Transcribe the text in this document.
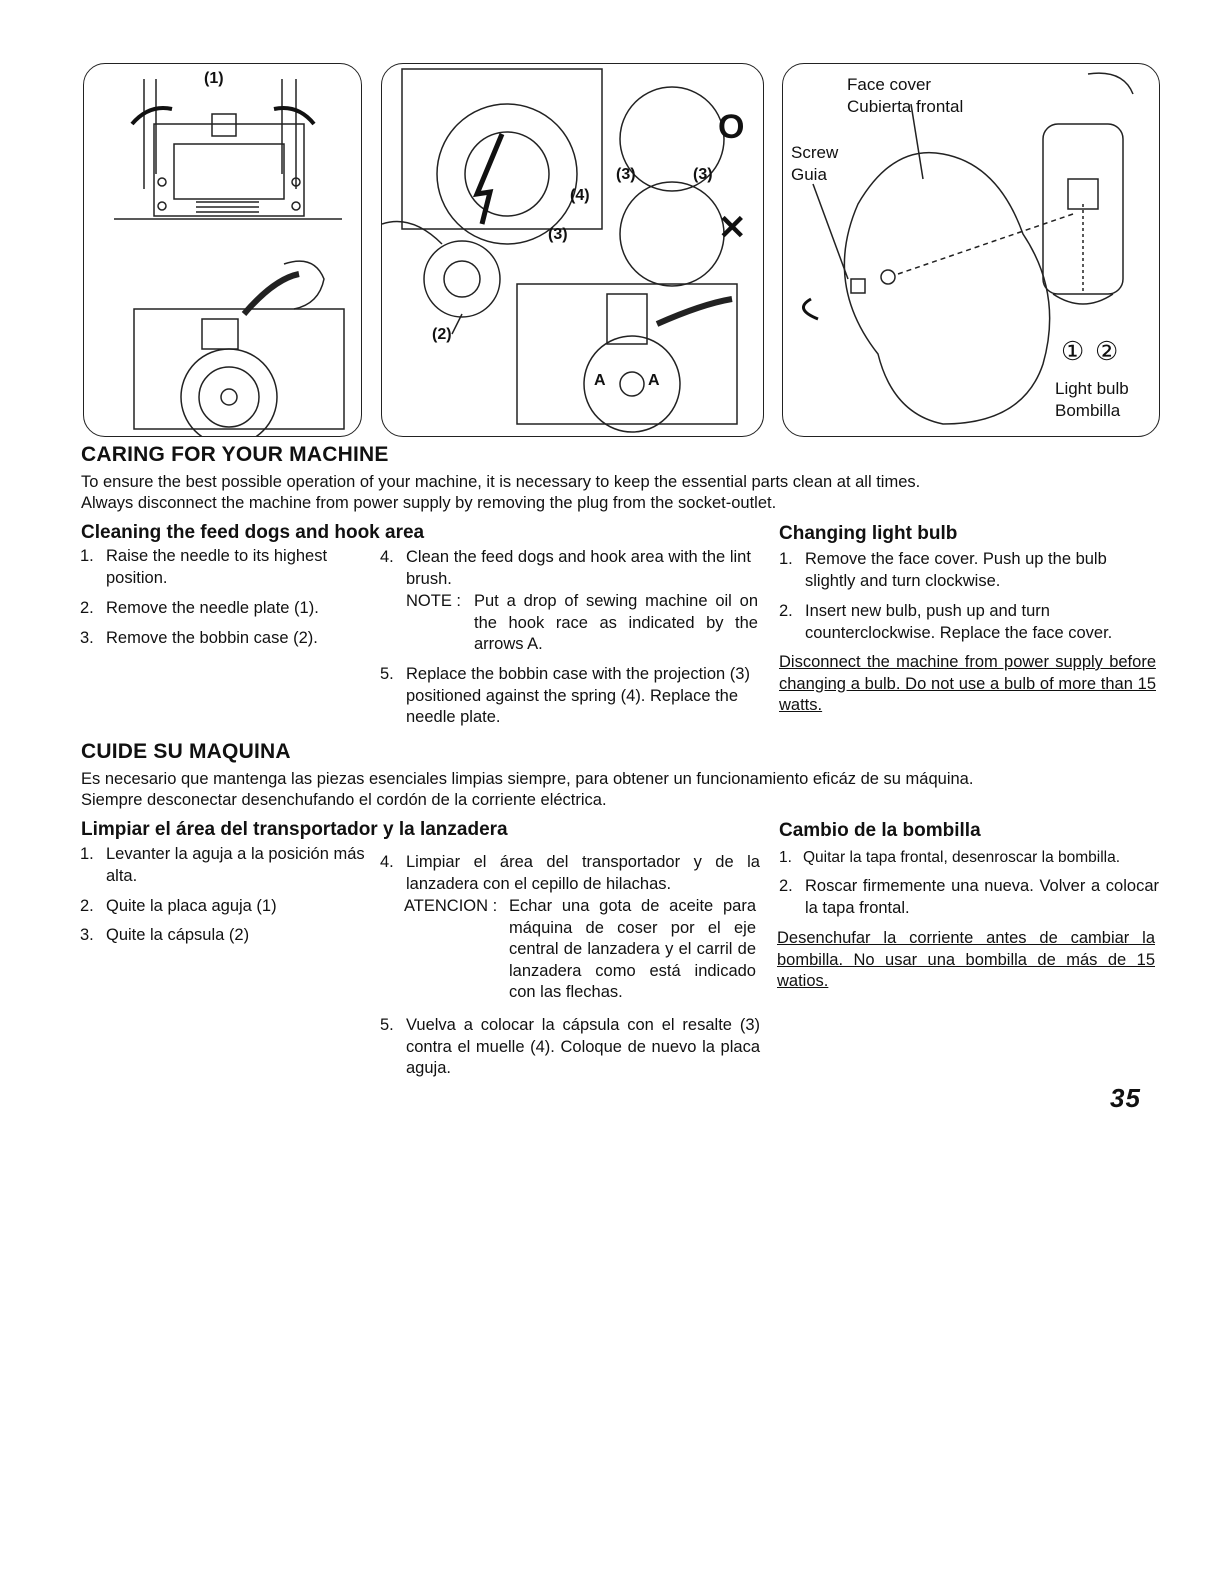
(1)
(4)
(3)
(3)	(3)
(2)
A	A
O
✕
Face cover
Cubierta frontal
Screw
Guia
① ②
Light bulb
Bombilla
CARING FOR YOUR MACHINE
To ensure the best possible operation of your machine, it is necessary to keep the essential parts clean at all times.
Always disconnect the machine from power supply by removing the plug from the socket-outlet.
Cleaning the feed dogs and hook area
1. Raise the needle to its highest position.
2. Remove the needle plate (1).
3. Remove the bobbin case (2).
4. Clean the feed dogs and hook area with the lint brush.
NOTE : Put a drop of sewing machine oil on the hook race as indicated by the arrows A.
5. Replace the bobbin case with the projection (3) positioned against the spring (4). Replace the needle plate.
Changing light bulb
1. Remove the face cover. Push up the bulb slightly and turn clockwise.
2. Insert new bulb, push up and turn counterclockwise. Replace the face cover.
Disconnect the machine from power supply before changing a bulb. Do not use a bulb of more than 15 watts.
CUIDE SU MAQUINA
Es necesario que mantenga las piezas esenciales limpias siempre, para obtener un funcionamiento eficáz de su máquina.
Siempre desconectar desenchufando el cordón de la corriente eléctrica.
Limpiar el área del transportador y la lanzadera
1. Levanter la aguja a la posición más alta.
2. Quite la placa aguja (1)
3. Quite la cápsula (2)
4. Limpiar el área del transportador y de la lanzadera con el cepillo de hilachas.
ATENCION : Echar una gota de aceite para máquina de coser por el eje central de lanzadera y el carril de lanzadera como está indicado con las flechas.
5. Vuelva a colocar la cápsula con el resalte (3) contra el muelle (4). Coloque de nuevo la placa aguja.
Cambio de la bombilla
1. Quitar la tapa frontal, desenroscar la bombilla.
2. Roscar firmemente una nueva. Volver a colocar la tapa frontal.
Desenchufar la corriente antes de cambiar la bombilla. No usar una bombilla de más de 15 watios.
35
